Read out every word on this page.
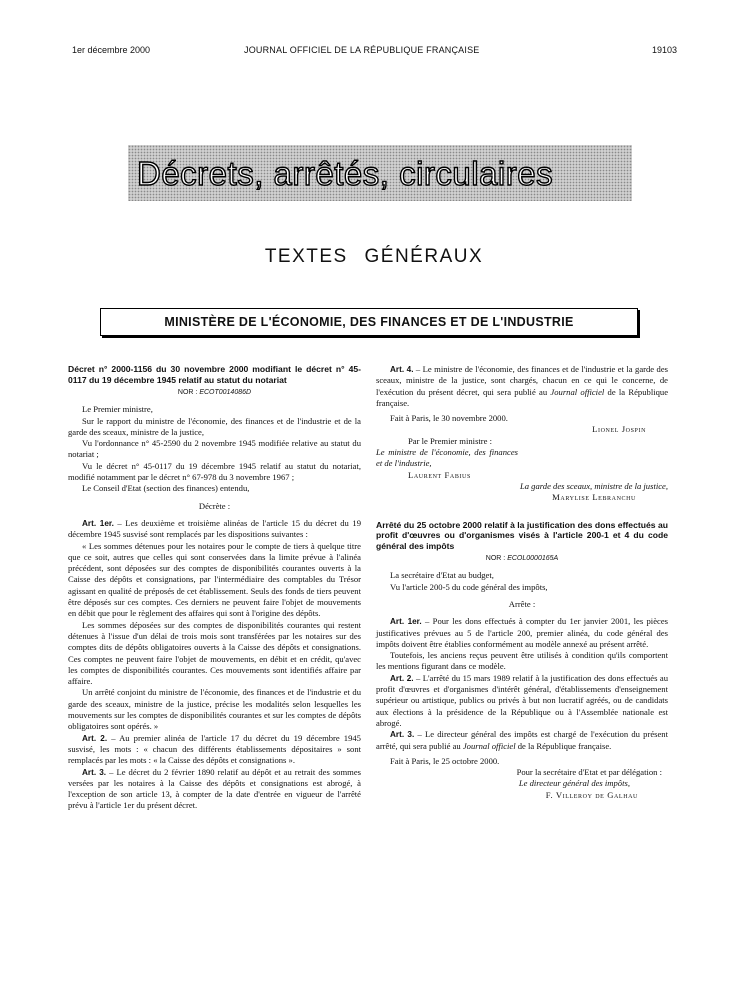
1er décembre 2000	JOURNAL OFFICIEL DE LA RÉPUBLIQUE FRANÇAISE	19103
Décrets, arrêtés, circulaires
TEXTES GÉNÉRAUX
MINISTÈRE DE L'ÉCONOMIE, DES FINANCES ET DE L'INDUSTRIE

Décret n° 2000-1156 du 30 novembre 2000 modifiant le décret n° 45-0117 du 19 décembre 1945 relatif au statut du notariat

NOR : ECOT0014086D

Le Premier ministre,

Sur le rapport du ministre de l'économie, des finances et de l'industrie et de la garde des sceaux, ministre de la justice,

Vu l'ordonnance n° 45-2590 du 2 novembre 1945 modifiée relative au statut du notariat ;

Vu le décret n° 45-0117 du 19 décembre 1945 relatif au statut du notariat, modifié notamment par le décret n° 67-978 du 3 novembre 1967 ;

Le Conseil d'Etat (section des finances) entendu,

Décrète :

Art. 1er. – Les deuxième et troisième alinéas de l'article 15 du décret du 19 décembre 1945 susvisé sont remplacés par les dispositions suivantes :

« Les sommes détenues pour les notaires pour le compte de tiers à quelque titre que ce soit, autres que celles qui sont conservées dans la limite prévue à l'alinéa précédent, sont déposées sur des comptes de disponibilités courantes ouverts à la Caisse des dépôts et consignations, par l'intermédiaire des comptables du Trésor agissant en qualité de préposés de cet établissement. Seuls des fonds de tiers peuvent être déposés sur ces comptes. Ces derniers ne peuvent faire l'objet de mouvements en débit que pour le règlement des affaires qui sont à l'origine des dépôts.

Les sommes déposées sur des comptes de disponibilités courantes qui restent détenues à l'issue d'un délai de trois mois sont transférées par les notaires sur des comptes dits de dépôts obligatoires ouverts à la Caisse des dépôts et consignations. Ces comptes ne peuvent faire l'objet de mouvements, en débit et en crédit, qu'avec les comptes de disponibilités courantes. Ces mouvements sont identifiés affaire par affaire.

Un arrêté conjoint du ministre de l'économie, des finances et de l'industrie et du garde des sceaux, ministre de la justice, précise les modalités selon lesquelles les mouvements sur les comptes de disponibilités courantes et sur les comptes de dépôts obligatoires sont opérés. »

Art. 2. – Au premier alinéa de l'article 17 du décret du 19 décembre 1945 susvisé, les mots : « chacun des différents établissements dépositaires » sont remplacés par les mots : « la Caisse des dépôts et consignations ».

Art. 3. – Le décret du 2 février 1890 relatif au dépôt et au retrait des sommes versées par les notaires à la Caisse des dépôts et consignations est abrogé, à l'exception de son article 13, à compter de la date d'entrée en vigueur de l'arrêté prévu à l'article 1er du présent décret.

Art. 4. – Le ministre de l'économie, des finances et de l'industrie et la garde des sceaux, ministre de la justice, sont chargés, chacun en ce qui le concerne, de l'exécution du présent décret, qui sera publié au Journal officiel de la République française.

Fait à Paris, le 30 novembre 2000.

Lionel Jospin

Par le Premier ministre :

Le ministre de l'économie, des finances et de l'industrie,

Laurent Fabius

La garde des sceaux, ministre de la justice,

Marylise Lebranchu

Arrêté du 25 octobre 2000 relatif à la justification des dons effectués au profit d'œuvres ou d'organismes visés à l'article 200-1 et 4 du code général des impôts

NOR : ECOL0000165A

La secrétaire d'Etat au budget,

Vu l'article 200-5 du code général des impôts,

Arrête :

Art. 1er. – Pour les dons effectués à compter du 1er janvier 2001, les pièces justificatives prévues au 5 de l'article 200, premier alinéa, du code général des impôts doivent être établies conformément au modèle annexé au présent arrêté.

Toutefois, les anciens reçus peuvent être utilisés à condition qu'ils comportent les mentions figurant dans ce modèle.

Art. 2. – L'arrêté du 15 mars 1989 relatif à la justification des dons effectués au profit d'œuvres et d'organismes d'intérêt général, d'établissements d'enseignement supérieur ou artistique, publics ou privés à but non lucratif agréés, ou de candidats aux élections à la présidence de la République ou à l'Assemblée nationale est abrogé.

Art. 3. – Le directeur général des impôts est chargé de l'exécution du présent arrêté, qui sera publié au Journal officiel de la République française.

Fait à Paris, le 25 octobre 2000.

Pour la secrétaire d'Etat et par délégation :

Le directeur général des impôts,

F. Villeroy de Galhau
